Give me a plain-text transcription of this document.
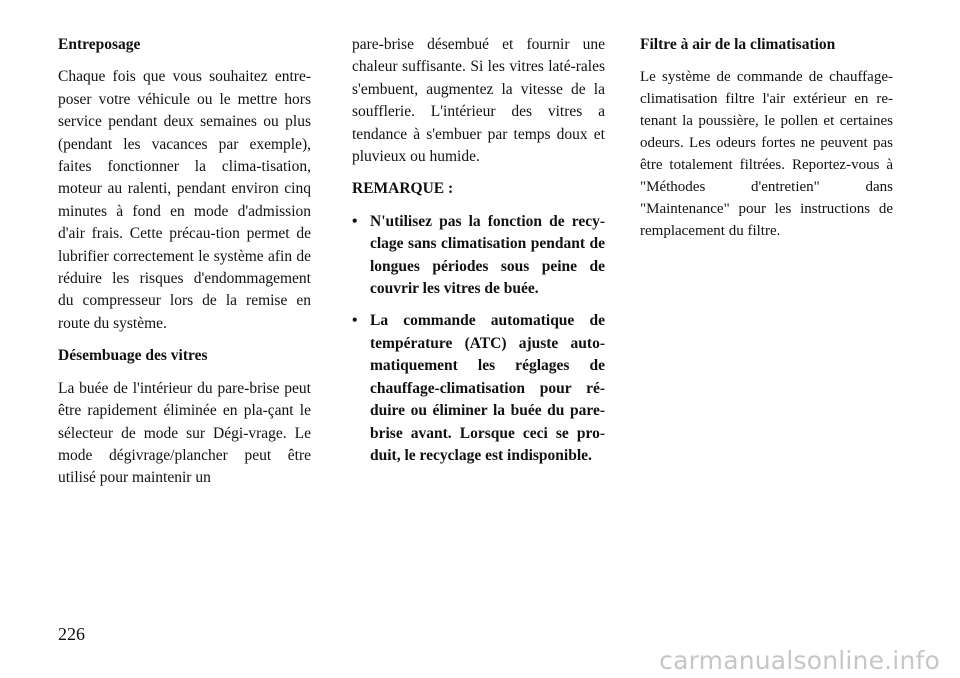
Entreposage

Chaque fois que vous souhaitez entre-poser votre véhicule ou le mettre hors service pendant deux semaines ou plus (pendant les vacances par exemple), faites fonctionner la clima-tisation, moteur au ralenti, pendant environ cinq minutes à fond en mode d'admission d'air frais. Cette précau-tion permet de lubrifier correctement le système afin de réduire les risques d'endommagement du compresseur lors de la remise en route du système.

Désembuage des vitres

La buée de l'intérieur du pare-brise peut être rapidement éliminée en pla-çant le sélecteur de mode sur Dégi-vrage. Le mode dégivrage/plancher peut être utilisé pour maintenir un

pare-brise désembué et fournir une chaleur suffisante. Si les vitres laté-rales s'embuent, augmentez la vitesse de la soufflerie. L'intérieur des vitres a tendance à s'embuer par temps doux et pluvieux ou humide.

REMARQUE :

• N'utilisez pas la fonction de recy-clage sans climatisation pendant de longues périodes sous peine de couvrir les vitres de buée.
• La commande automatique de température (ATC) ajuste auto-matiquement les réglages de chauffage-climatisation pour ré-duire ou éliminer la buée du pare-brise avant. Lorsque ceci se pro-duit, le recyclage est indisponible.

Filtre à air de la climatisation

Le système de commande de chauffage-climatisation filtre l'air extérieur en re-tenant la poussière, le pollen et certaines odeurs. Les odeurs fortes ne peuvent pas être totalement filtrées. Reportez-vous à "Méthodes d'entretien" dans "Maintenance" pour les instructions de remplacement du filtre.

226
carmanualsonline.info
